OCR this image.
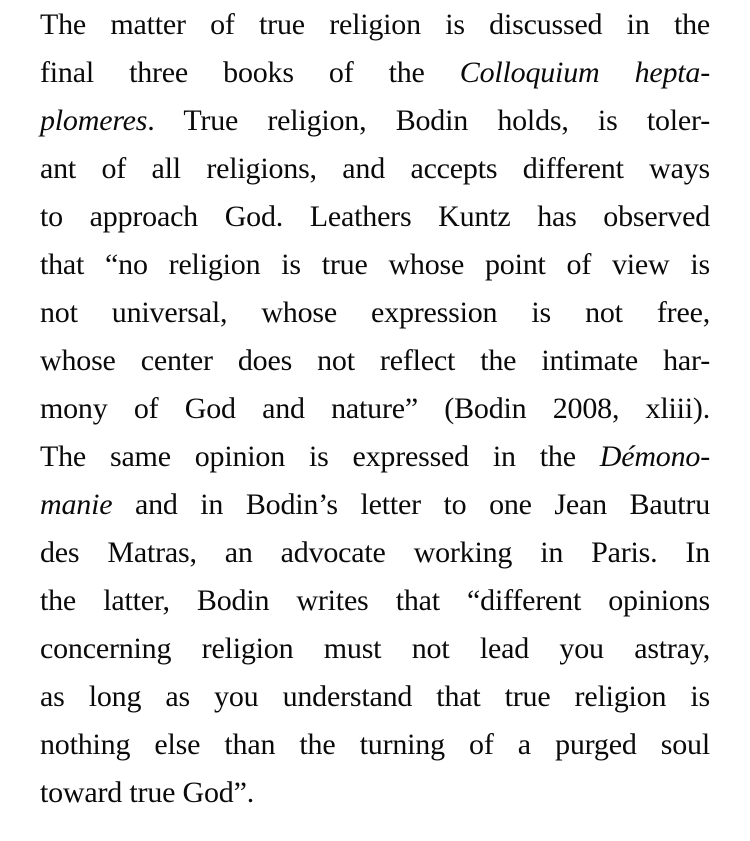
The matter of true religion is discussed in the
final three books of the Colloquium hepta-
plomeres. True religion, Bodin holds, is toler-
ant of all religions, and accepts different ways
to approach God. Leathers Kuntz has observed
that “no religion is true whose point of view is
not universal, whose expression is not free,
whose center does not reflect the intimate har-
mony of God and nature” (Bodin 2008, xliii).
The same opinion is expressed in the Démono-
manie and in Bodin’s letter to one Jean Bautru
des Matras, an advocate working in Paris. In
the latter, Bodin writes that “different opinions
concerning religion must not lead you astray,
as long as you understand that true religion is
nothing else than the turning of a purged soul
toward true God”.
